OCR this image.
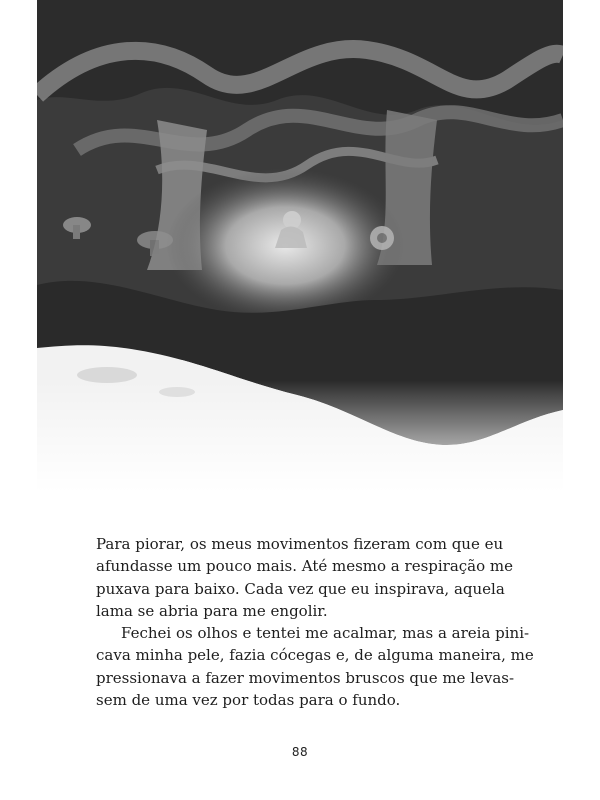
Para piorar, os meus movimentos fizeram com que eu
afundasse um pouco mais. Até mesmo a respiração me
puxava para baixo. Cada vez que eu inspirava, aquela
lama se abria para me engolir.
Fechei os olhos e tentei me acalmar, mas a areia pini-
cava minha pele, fazia cócegas e, de alguma maneira, me
pressionava a fazer movimentos bruscos que me levas-
sem de uma vez por todas para o fundo.
88
